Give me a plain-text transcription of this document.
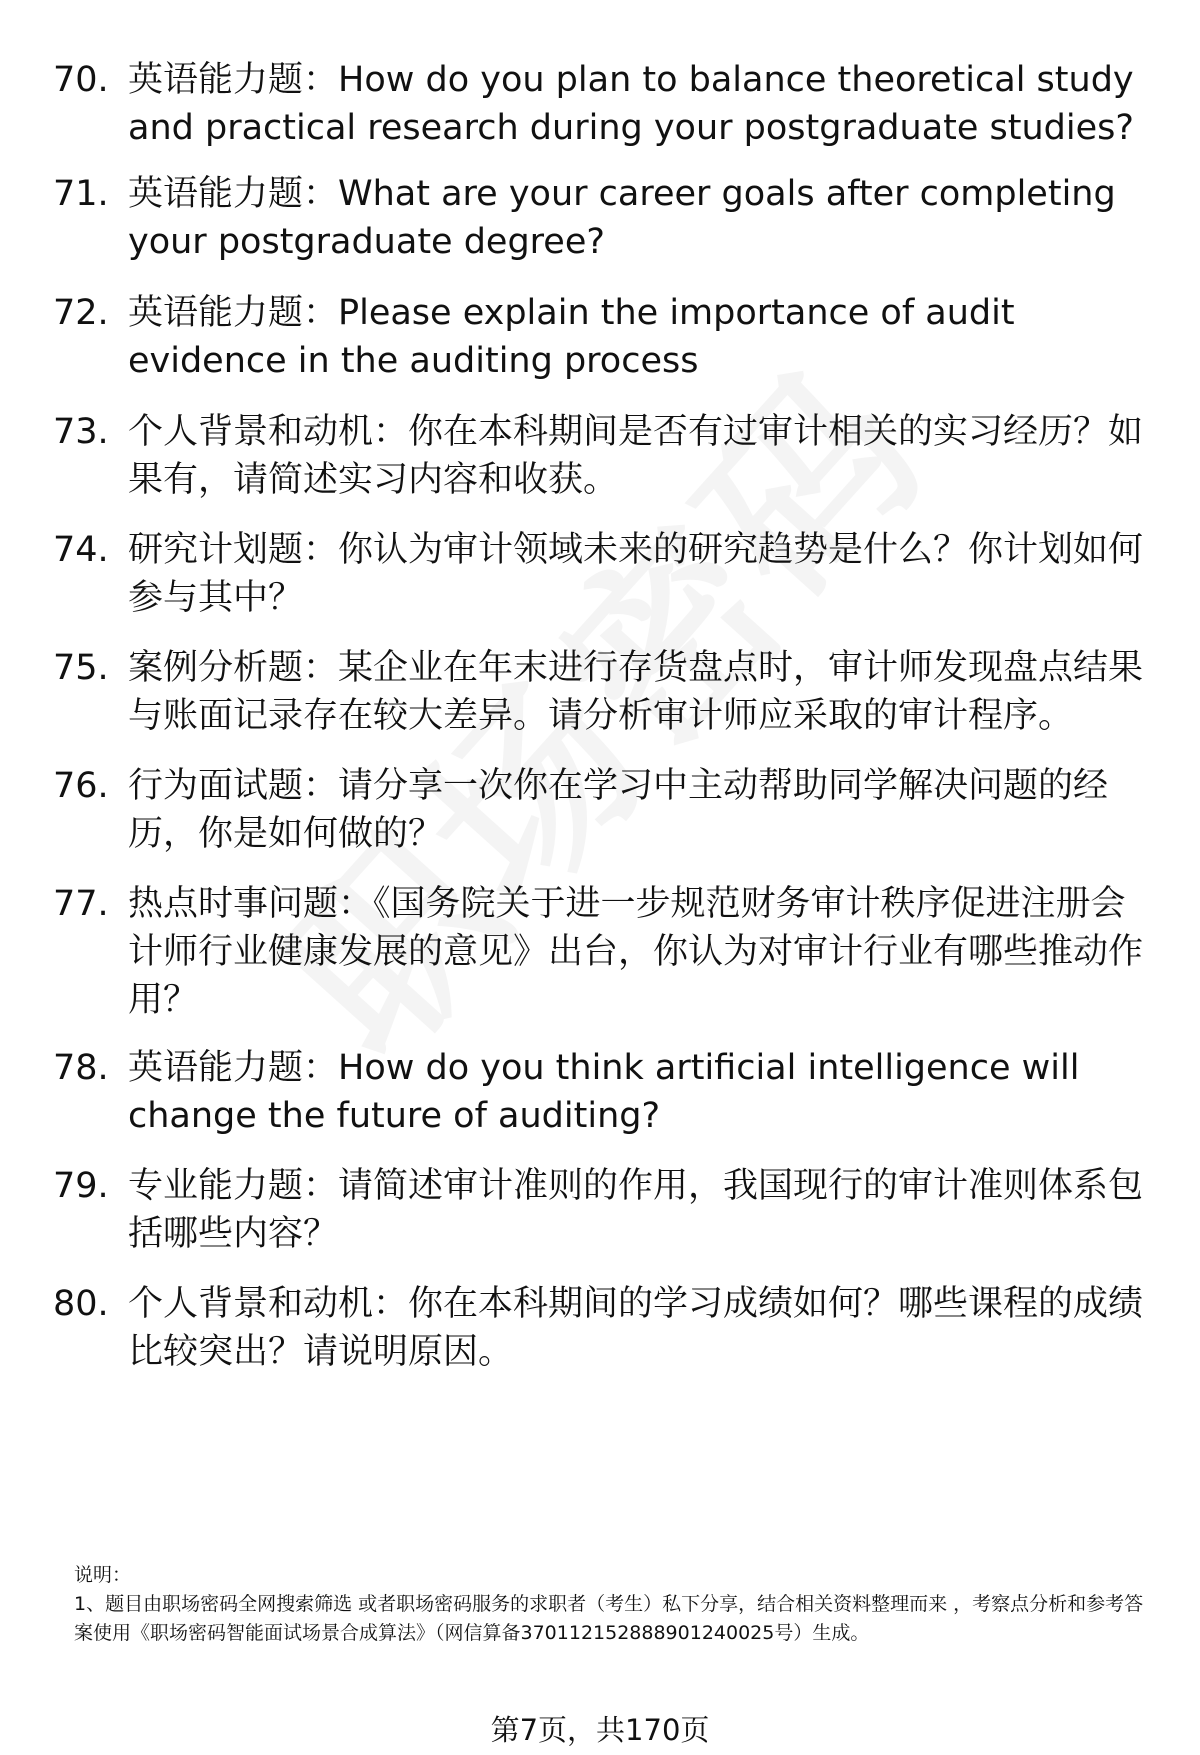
70. 英语能力题：How do you plan to balance theoretical study and practical research during your postgraduate studies?
71. 英语能力题：What are your career goals after completing your postgraduate degree?
72. 英语能力题：Please explain the importance of audit evidence in the auditing process
73. 个人背景和动机：你在本科期间是否有过审计相关的实习经历？如果有，请简述实习内容和收获。
74. 研究计划题：你认为审计领域未来的研究趋势是什么？你计划如何参与其中？
75. 案例分析题：某企业在年末进行存货盘点时，审计师发现盘点结果与账面记录存在较大差异。请分析审计师应采取的审计程序。
76. 行为面试题：请分享一次你在学习中主动帮助同学解决问题的经历，你是如何做的？
77. 热点时事问题：《国务院关于进一步规范财务审计秩序促进注册会计师行业健康发展的意见》出台，你认为对审计行业有哪些推动作用？
78. 英语能力题：How do you think artificial intelligence will change the future of auditing?
79. 专业能力题：请简述审计准则的作用，我国现行的审计准则体系包括哪些内容？
80. 个人背景和动机：你在本科期间的学习成绩如何？哪些课程的成绩比较突出？请说明原因。
说明：
1、题目由职场密码全网搜索筛选 或者职场密码服务的求职者（考生）私下分享，结合相关资料整理而来 ，考察点分析和参考答案使用《职场密码智能面试场景合成算法》（网信算备370112152888901240025号）生成。
第7页，共170页
